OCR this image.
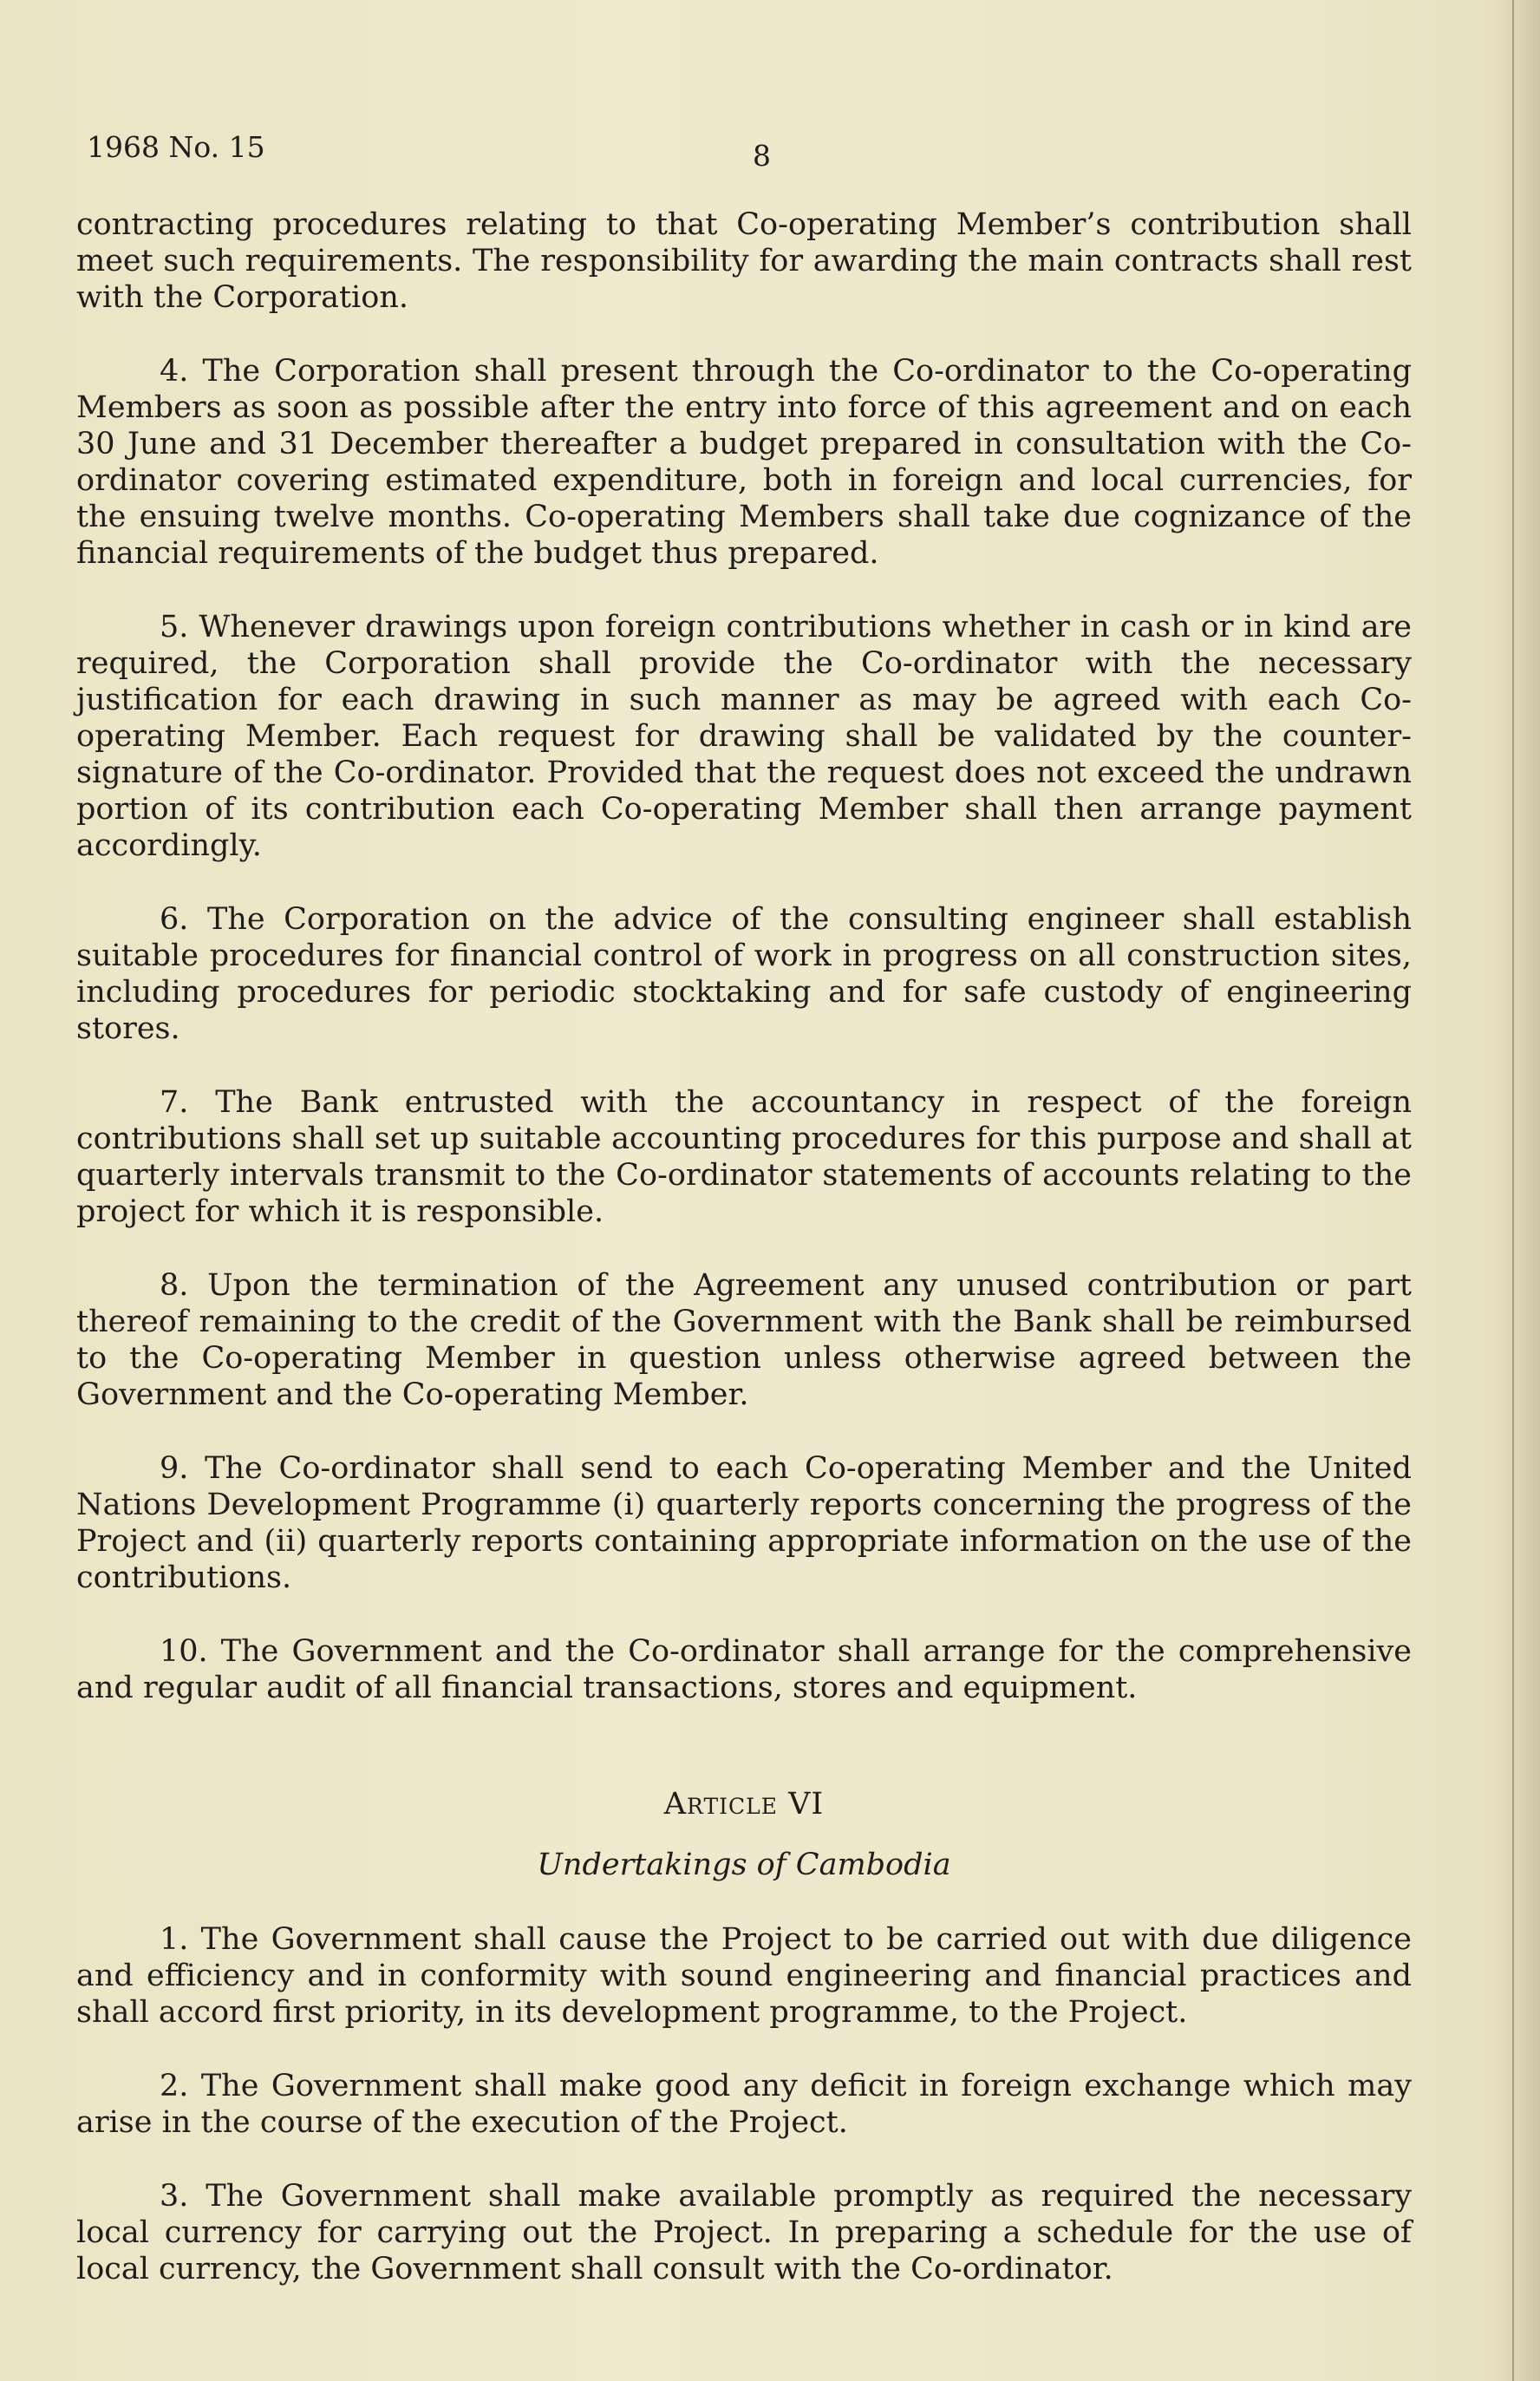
1968 No. 15	8

contracting procedures relating to that Co-operating Member’s contribution shall meet such requirements. The responsibility for awarding the main contracts shall rest with the Corporation.

4. The Corporation shall present through the Co-ordinator to the Co-operating Members as soon as possible after the entry into force of this agreement and on each 30 June and 31 December thereafter a budget prepared in consultation with the Co-ordinator covering estimated expenditure, both in foreign and local currencies, for the ensuing twelve months. Co-operating Members shall take due cognizance of the financial requirements of the budget thus prepared.

5. Whenever drawings upon foreign contributions whether in cash or in kind are required, the Corporation shall provide the Co-ordinator with the necessary justification for each drawing in such manner as may be agreed with each Co-operating Member. Each request for drawing shall be validated by the counter-signature of the Co-ordinator. Provided that the request does not exceed the undrawn portion of its contribution each Co-operating Member shall then arrange payment accordingly.

6. The Corporation on the advice of the consulting engineer shall establish suitable procedures for financial control of work in progress on all construction sites, including procedures for periodic stocktaking and for safe custody of engineering stores.

7. The Bank entrusted with the accountancy in respect of the foreign contributions shall set up suitable accounting procedures for this purpose and shall at quarterly intervals transmit to the Co-ordinator statements of accounts relating to the project for which it is responsible.

8. Upon the termination of the Agreement any unused contribution or part thereof remaining to the credit of the Government with the Bank shall be reimbursed to the Co-operating Member in question unless otherwise agreed between the Government and the Co-operating Member.

9. The Co-ordinator shall send to each Co-operating Member and the United Nations Development Programme (i) quarterly reports concerning the progress of the Project and (ii) quarterly reports containing appropriate information on the use of the contributions.

10. The Government and the Co-ordinator shall arrange for the comprehensive and regular audit of all financial transactions, stores and equipment.

Article VI
Undertakings of Cambodia

1. The Government shall cause the Project to be carried out with due diligence and efficiency and in conformity with sound engineering and financial practices and shall accord first priority, in its development programme, to the Project.

2. The Government shall make good any deficit in foreign exchange which may arise in the course of the execution of the Project.

3. The Government shall make available promptly as required the necessary local currency for carrying out the Project. In preparing a schedule for the use of local currency, the Government shall consult with the Co-ordinator.
